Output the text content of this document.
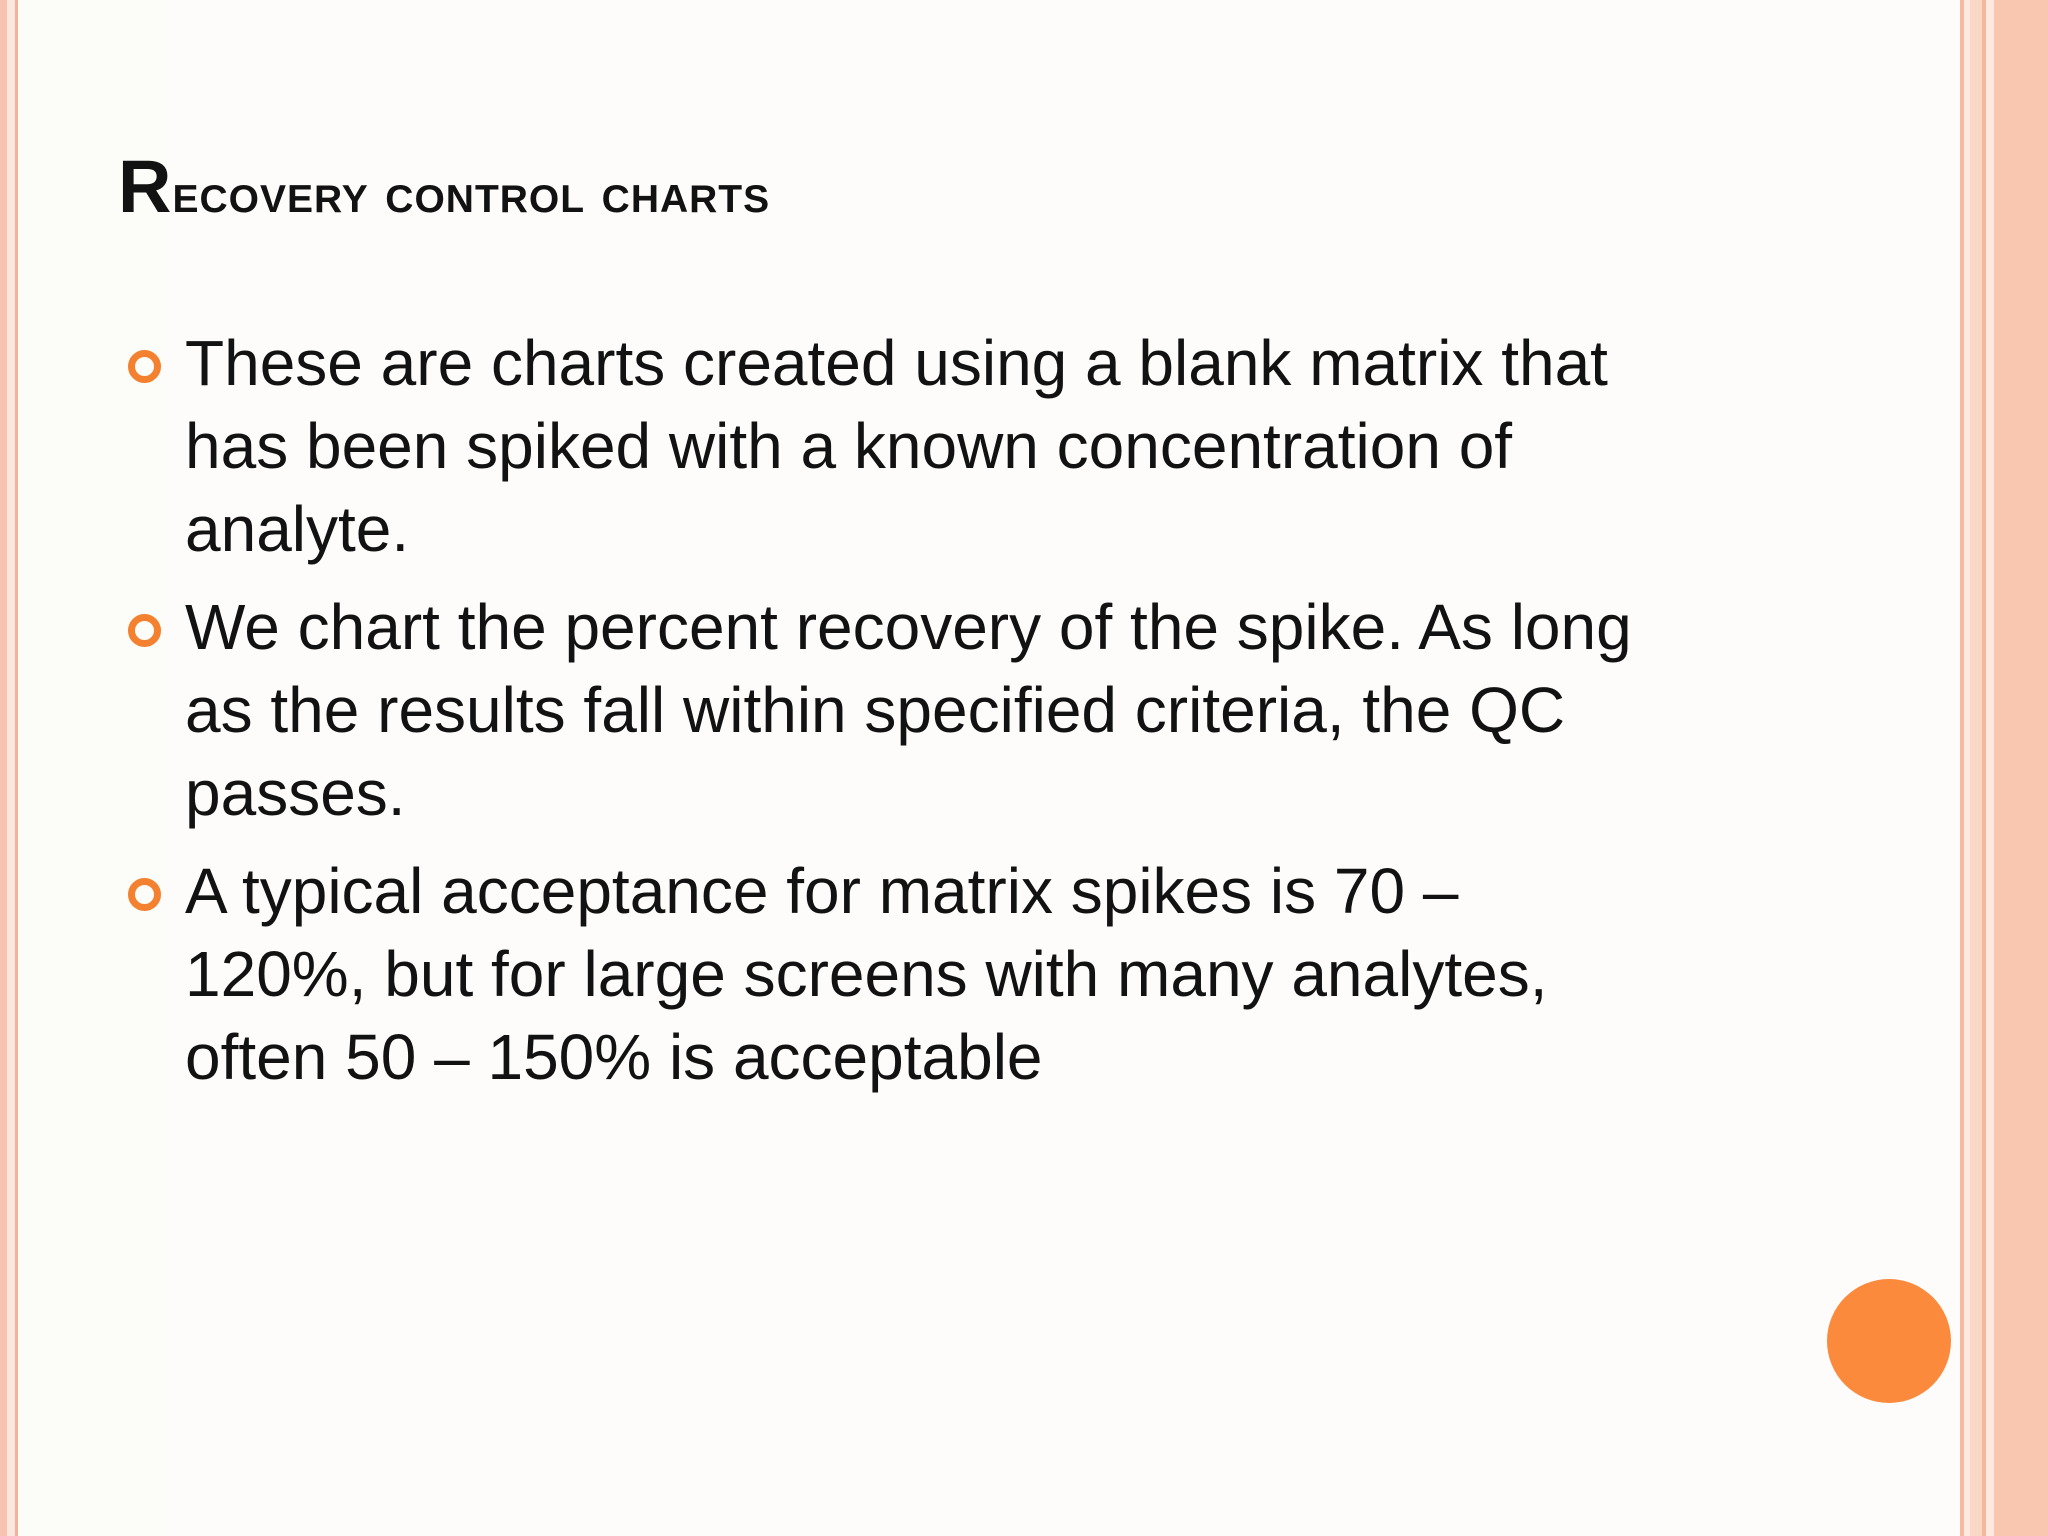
Recovery control charts
These are charts created using a blank matrix that
has been spiked with a known concentration of
analyte.
We chart the percent recovery of the spike. As long
as the results fall within specified criteria, the QC
passes.
A typical acceptance for matrix spikes is 70 –
120%, but for large screens with many analytes,
often 50 – 150% is acceptable
